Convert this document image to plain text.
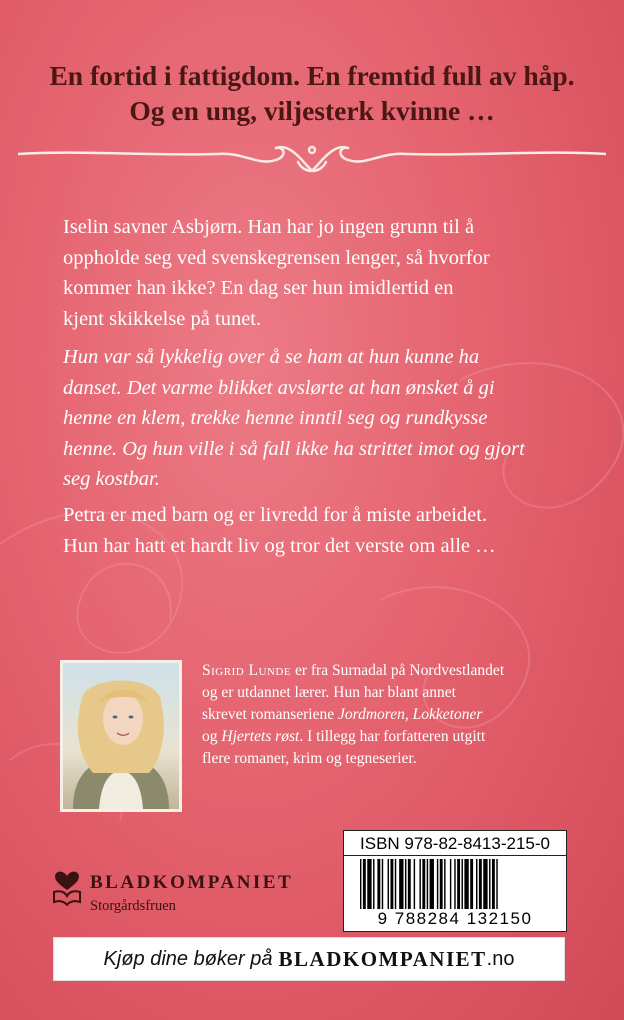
En fortid i fattigdom. En fremtid full av håp.
Og en ung, viljesterk kvinne …
Iselin savner Asbjørn. Han har jo ingen grunn til å
oppholde seg ved svenskegrensen lenger, så hvorfor
kommer han ikke? En dag ser hun imidlertid en
kjent skikkelse på tunet.
Hun var så lykkelig over å se ham at hun kunne ha
danset. Det varme blikket avslørte at han ønsket å gi
henne en klem, trekke henne inntil seg og rundkysse
henne. Og hun ville i så fall ikke ha strittet imot og gjort
seg kostbar.
Petra er med barn og er livredd for å miste arbeidet.
Hun har hatt et hardt liv og tror det verste om alle …
Sigrid Lunde er fra Surnadal på Nordvestlandet
og er utdannet lærer. Hun har blant annet
skrevet romanseriene Jordmoren, Lokketoner
og Hjertets røst. I tillegg har forfatteren utgitt
flere romaner, krim og tegneserier.
BLADKOMPANIET
Storgårdsfruen
ISBN 978-82-8413-215-0
9 788284 132150
Kjøp dine bøker på BLADKOMPANIET .no
